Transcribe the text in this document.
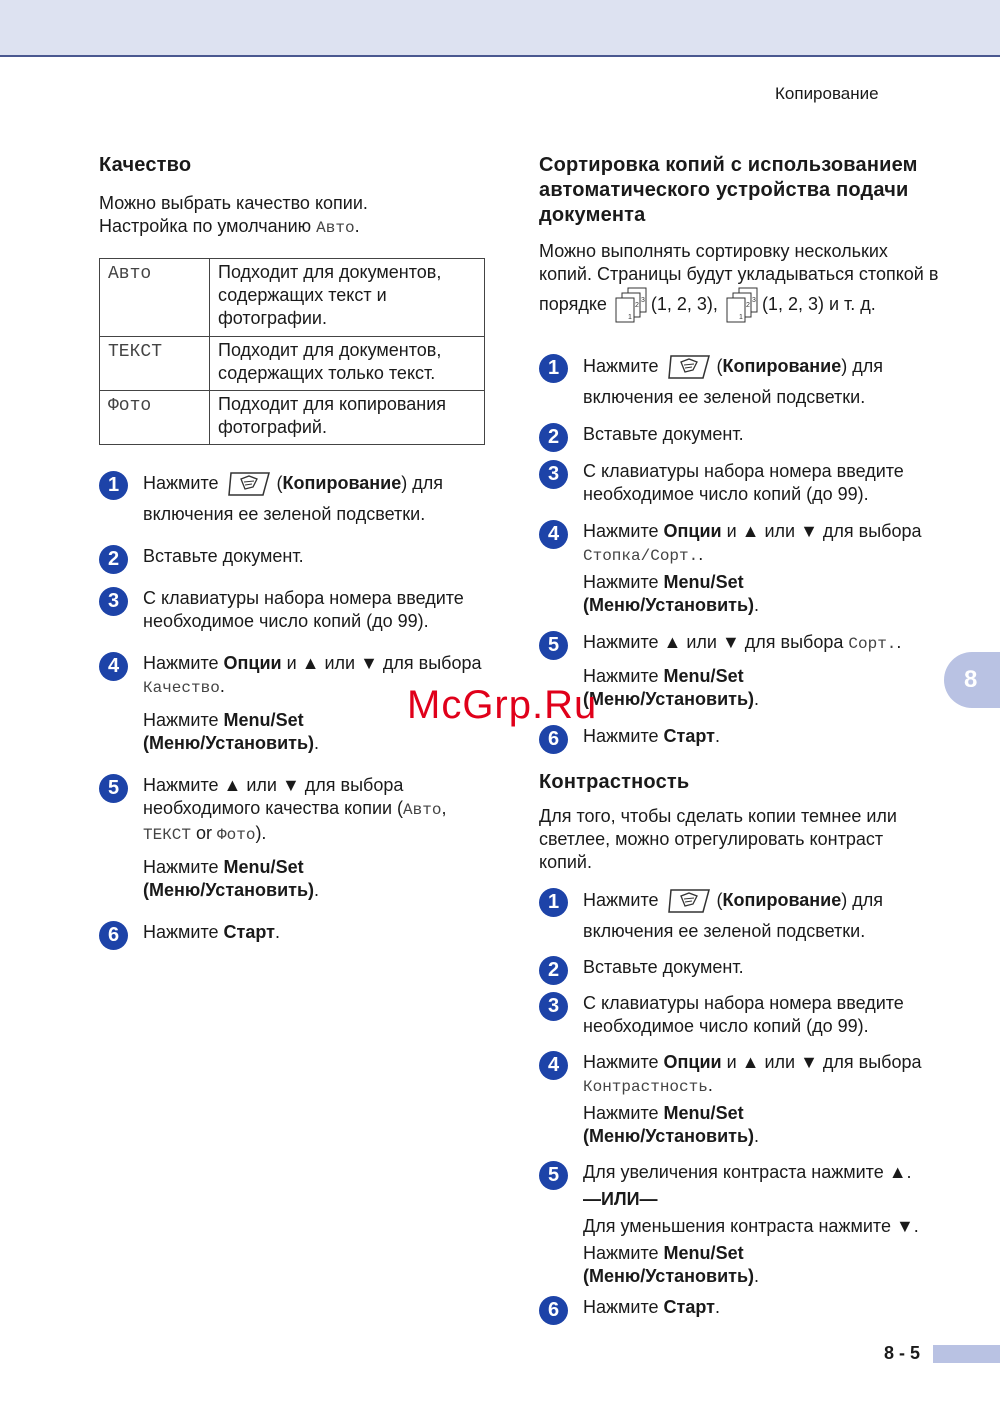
Копирование
8
8 - 5
Качество

Можно выбрать качество копии.
Настройка по умолчанию Авто.

Авто	Подходит для документов, содержащих текст и фотографии.
ТЕКСТ	Подходит для документов, содержащих только текст.
Фото	Подходит для копирования фотографий.
1	Нажмите	(Копирование) для включения ее зеленой подсветки.
2	Вставьте документ.
3	С клавиатуры набора номера введите необходимое число копий (до 99).
4	Нажмите Опции и ▲ или ▼ для выбора Качество.
Нажмите Menu/Set
(Меню/Установить).
5	Нажмите ▲ или ▼ для выбора необходимого качества копии (Авто, ТЕКСТ or Фото).
Нажмите Menu/Set
(Меню/Установить).
6	Нажмите Старт.
Сортировка копий с использованием автоматического устройства подачи документа

Можно выполнять сортировку нескольких копий. Страницы будут укладываться стопкой в порядке	3
2
1
(1, 2, 3),	3
2
1
(1, 2, 3) и т. д.

1	Нажмите	(Копирование) для включения ее зеленой подсветки.
2	Вставьте документ.
3	С клавиатуры набора номера введите необходимое число копий (до 99).
4	Нажмите Опции и ▲ или ▼ для выбора Стопка/Сорт..
Нажмите Menu/Set
(Меню/Установить).
5	Нажмите ▲ или ▼ для выбора Сорт..
Нажмите Menu/Set
(Меню/Установить).
6	Нажмите Старт.
Контрастность

Для того, чтобы сделать копии темнее или светлее, можно отрегулировать контраст копий.

1	Нажмите	(Копирование) для включения ее зеленой подсветки.
2	Вставьте документ.
3	С клавиатуры набора номера введите необходимое число копий (до 99).
4	Нажмите Опции и ▲ или ▼ для выбора Контрастность.
Нажмите Menu/Set
(Меню/Установить).
5	Для увеличения контраста нажмите ▲.
—ИЛИ—
Для уменьшения контраста нажмите ▼.
Нажмите Menu/Set
(Меню/Установить).
6	Нажмите Старт.
McGrp.Ru
